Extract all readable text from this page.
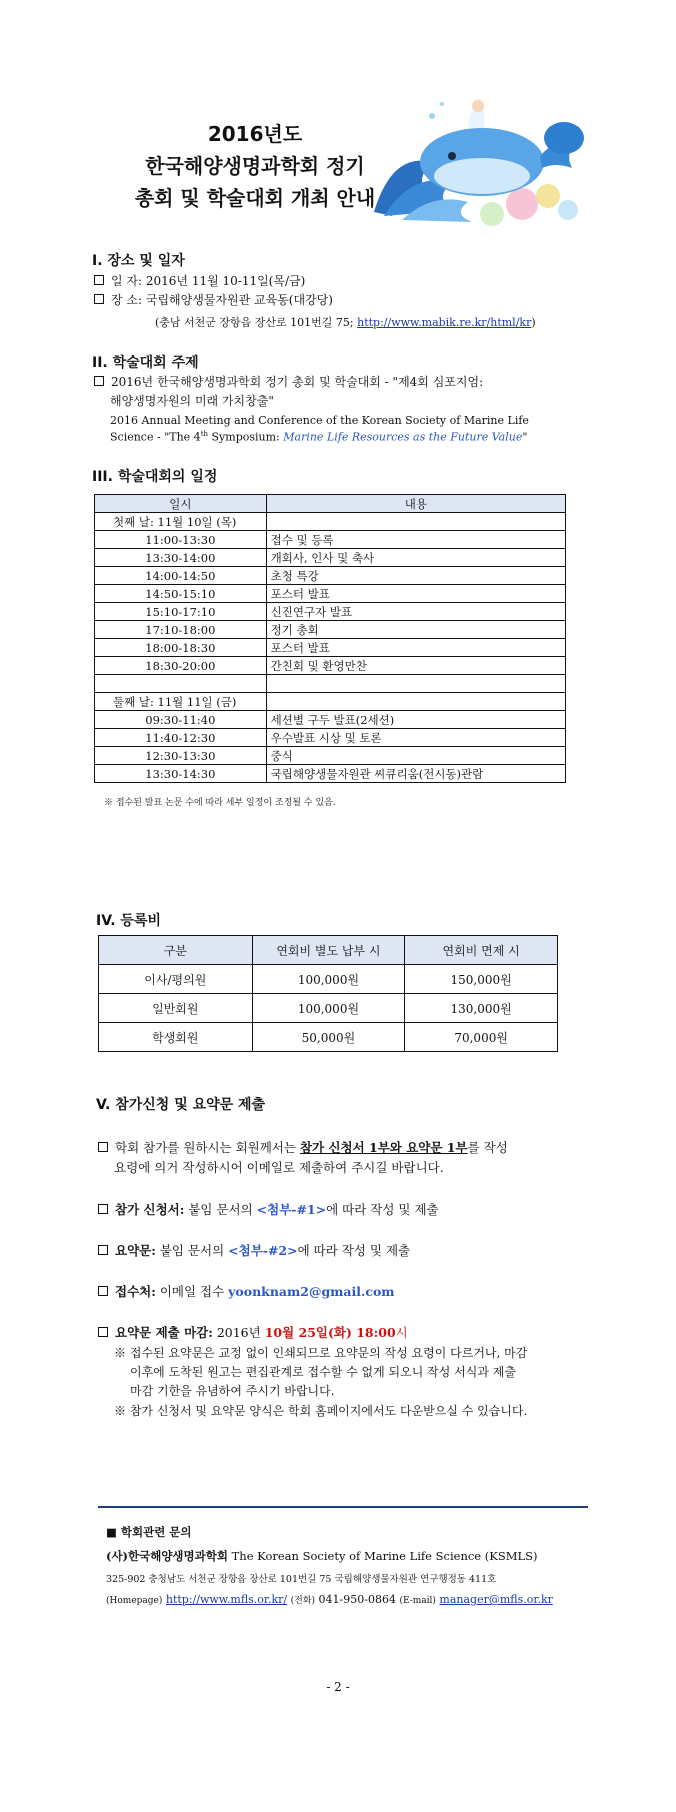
2016년도
한국해양생명과학회 정기
총회 및 학술대회 개최 안내
I. 장소 및 일자
일 자: 2016년 11월 10-11일(목/금)
장 소: 국립해양생물자원관 교육동(대강당)
(충남 서천군 장항읍 장산로 101번길 75; http://www.mabik.re.kr/html/kr)
II. 학술대회 주제
2016년 한국해양생명과학회 정기 총회 및 학술대회 - "제4회 심포지엄:
해양생명자원의 미래 가치창출"
2016 Annual Meeting and Conference of the Korean Society of Marine Life
Science - "The 4th Symposium: Marine Life Resources as the Future Value"
III. 학술대회의 일정
일시	내용
첫째 날: 11월 10일 (목)	
11:00-13:30	접수 및 등록
13:30-14:00	개회사, 인사 및 축사
14:00-14:50	초청 특강
14:50-15:10	포스터 발표
15:10-17:10	신진연구자 발표
17:10-18:00	정기 총회
18:00-18:30	포스터 발표
18:30-20:00	간친회 및 환영만찬

둘째 날: 11월 11일 (금)	
09:30-11:40	세션별 구두 발표(2세션)
11:40-12:30	우수발표 시상 및 토론
12:30-13:30	중식
13:30-14:30	국립해양생물자원관 씨큐리움(전시동)관람
※ 접수된 발표 논문 수에 따라 세부 일정이 조정될 수 있음.
IV. 등록비
구분	연회비 별도 납부 시	연회비 면제 시
이사/평의원	100,000원	150,000원
일반회원	100,000원	130,000원
학생회원	50,000원	70,000원
V. 참가신청 및 요약문 제출
학회 참가를 원하시는 회원께서는 참가 신청서 1부와 요약문 1부를 작성
요령에 의거 작성하시어 이메일로 제출하여 주시길 바랍니다.
참가 신청서: 붙임 문서의 <첨부-#1>에 따라 작성 및 제출
요약문: 붙임 문서의 <첨부-#2>에 따라 작성 및 제출
접수처: 이메일 접수 yoonknam2@gmail.com
요약문 제출 마감: 2016년 10월 25일(화) 18:00시
※ 접수된 요약문은 교정 없이 인쇄되므로 요약문의 작성 요령이 다르거나, 마감
이후에 도착된 원고는 편집관계로 접수할 수 없게 되오니 작성 서식과 제출
마감 기한을 유념하여 주시기 바랍니다.
※ 참가 신청서 및 요약문 양식은 학회 홈페이지에서도 다운받으실 수 있습니다.
■ 학회관련 문의
(사)한국해양생명과학회 The Korean Society of Marine Life Science (KSMLS)
325-902 충청남도 서천군 장항읍 장산로 101번길 75 국립해양생물자원관 연구행정동 411호
(Homepage) http://www.mfls.or.kr/ (전화) 041-950-0864 (E-mail) manager@mfls.or.kr
- 2 -
